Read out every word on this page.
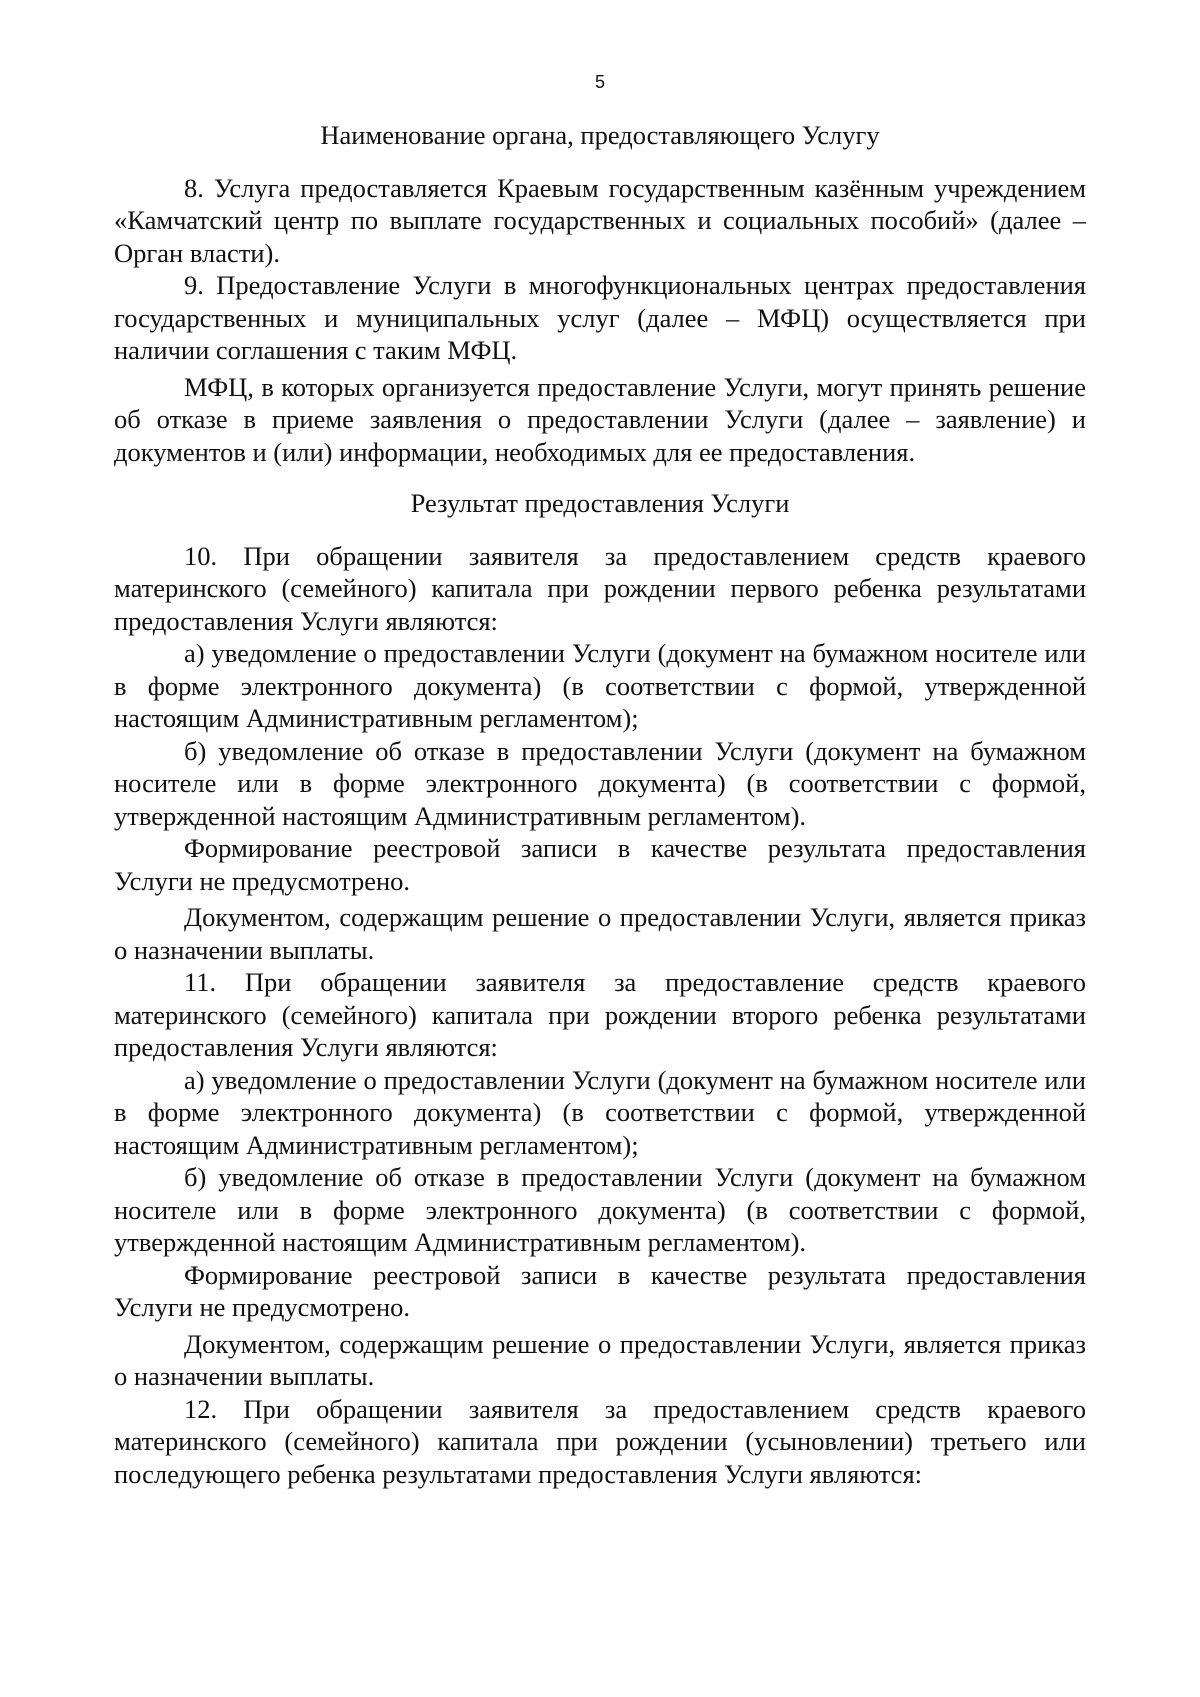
5

Наименование органа, предоставляющего Услугу

8. Услуга предоставляется Краевым государственным казённым учреждением «Камчатский центр по выплате государственных и социальных пособий» (далее – Орган власти).

9. Предоставление Услуги в многофункциональных центрах предоставления государственных и муниципальных услуг (далее – МФЦ) осуществляется при наличии соглашения с таким МФЦ.

МФЦ, в которых организуется предоставление Услуги, могут принять решение об отказе в приеме заявления о предоставлении Услуги (далее – заявление) и документов и (или) информации, необходимых для ее предоставления.

Результат предоставления Услуги

10. При обращении заявителя за предоставлением средств краевого материнского (семейного) капитала при рождении первого ребенка результатами предоставления Услуги являются:

а) уведомление о предоставлении Услуги (документ на бумажном носителе или в форме электронного документа) (в соответствии с формой, утвержденной настоящим Административным регламентом);

б) уведомление об отказе в предоставлении Услуги (документ на бумажном носителе или в форме электронного документа) (в соответствии с формой, утвержденной настоящим Административным регламентом).

Формирование реестровой записи в качестве результата предоставления Услуги не предусмотрено.

Документом, содержащим решение о предоставлении Услуги, является приказ о назначении выплаты.

11. При обращении заявителя за предоставление средств краевого материнского (семейного) капитала при рождении второго ребенка результатами предоставления Услуги являются:

а) уведомление о предоставлении Услуги (документ на бумажном носителе или в форме электронного документа) (в соответствии с формой, утвержденной настоящим Административным регламентом);

б) уведомление об отказе в предоставлении Услуги (документ на бумажном носителе или в форме электронного документа) (в соответствии с формой, утвержденной настоящим Административным регламентом).

Формирование реестровой записи в качестве результата предоставления Услуги не предусмотрено.

Документом, содержащим решение о предоставлении Услуги, является приказ о назначении выплаты.

12. При обращении заявителя за предоставлением средств краевого материнского (семейного) капитала при рождении (усыновлении) третьего или последующего ребенка результатами предоставления Услуги являются:
